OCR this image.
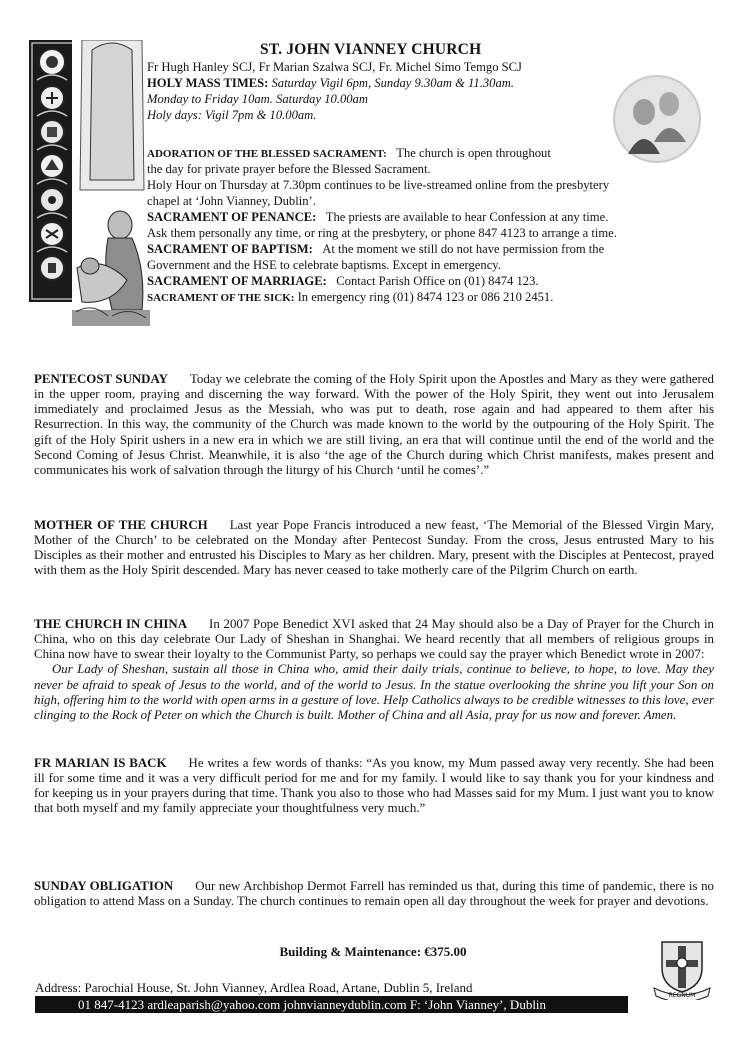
ST. JOHN VIANNEY CHURCH
Fr Hugh Hanley SCJ, Fr Marian Szalwa SCJ, Fr. Michel Simo Temgo SCJ
HOLY MASS TIMES: Saturday Vigil 6pm, Sunday 9.30am & 11.30am.
Monday to Friday 10am. Saturday 10.00am
Holy days: Vigil 7pm & 10.00am.
ADORATION OF THE BLESSED SACRAMENT: The church is open throughout
the day for private prayer before the Blessed Sacrament.
Holy Hour on Thursday at 7.30pm continues to be live-streamed online from the presbytery
chapel at ‘John Vianney, Dublin’.
SACRAMENT OF PENANCE: The priests are available to hear Confession at any time.
Ask them personally any time, or ring at the presbytery, or phone 847 4123 to arrange a time.
SACRAMENT OF BAPTISM: At the moment we still do not have permission from the
Government and the HSE to celebrate baptisms. Except in emergency.
SACRAMENT OF MARRIAGE: Contact Parish Office on (01) 8474 123.
SACRAMENT OF THE SICK: In emergency ring (01) 8474 123 or 086 210 2451.
PENTECOST SUNDAY Today we celebrate the coming of the Holy Spirit upon the Apostles and Mary as they were gathered in the upper room, praying and discerning the way forward. With the power of the Holy Spirit, they went out into Jerusalem immediately and proclaimed Jesus as the Messiah, who was put to death, rose again and had appeared to them after his Resurrection. In this way, the community of the Church was made known to the world by the outpouring of the Holy Spirit. The gift of the Holy Spirit ushers in a new era in which we are still living, an era that will continue until the end of the world and the Second Coming of Jesus Christ. Meanwhile, it is also ‘the age of the Church during which Christ manifests, makes present and communicates his work of salvation through the liturgy of his Church ‘until he comes’.”
MOTHER OF THE CHURCH Last year Pope Francis introduced a new feast, ‘The Memorial of the Blessed Virgin Mary, Mother of the Church’ to be celebrated on the Monday after Pentecost Sunday. From the cross, Jesus entrusted Mary to his Disciples as their mother and entrusted his Disciples to Mary as her children. Mary, present with the Disciples at Pentecost, prayed with them as the Holy Spirit descended. Mary has never ceased to take motherly care of the Pilgrim Church on earth.
THE CHURCH IN CHINA In 2007 Pope Benedict XVI asked that 24 May should also be a Day of Prayer for the Church in China, who on this day celebrate Our Lady of Sheshan in Shanghai. We heard recently that all members of religious groups in China now have to swear their loyalty to the Communist Party, so perhaps we could say the prayer which Benedict wrote in 2007:
Our Lady of Sheshan, sustain all those in China who, amid their daily trials, continue to believe, to hope, to love. May they never be afraid to speak of Jesus to the world, and of the world to Jesus. In the statue overlooking the shrine you lift your Son on high, offering him to the world with open arms in a gesture of love. Help Catholics always to be credible witnesses to this love, ever clinging to the Rock of Peter on which the Church is built. Mother of China and all Asia, pray for us now and forever. Amen.
FR MARIAN IS BACK He writes a few words of thanks: “As you know, my Mum passed away very recently. She had been ill for some time and it was a very difficult period for me and for my family. I would like to say thank you for your kindness and for keeping us in your prayers during that time. Thank you also to those who had Masses said for my Mum. I just want you to know that both myself and my family appreciate your thoughtfulness very much.”
SUNDAY OBLIGATION Our new Archbishop Dermot Farrell has reminded us that, during this time of pandemic, there is no obligation to attend Mass on a Sunday. The church continues to remain open all day throughout the week for prayer and devotions.
Building & Maintenance: €375.00
REGNUM
Address: Parochial House, St. John Vianney, Ardlea Road, Artane, Dublin 5, Ireland
01 847-4123 ardleaparish@yahoo.com johnvianneydublin.com F: ‘John Vianney’, Dublin
